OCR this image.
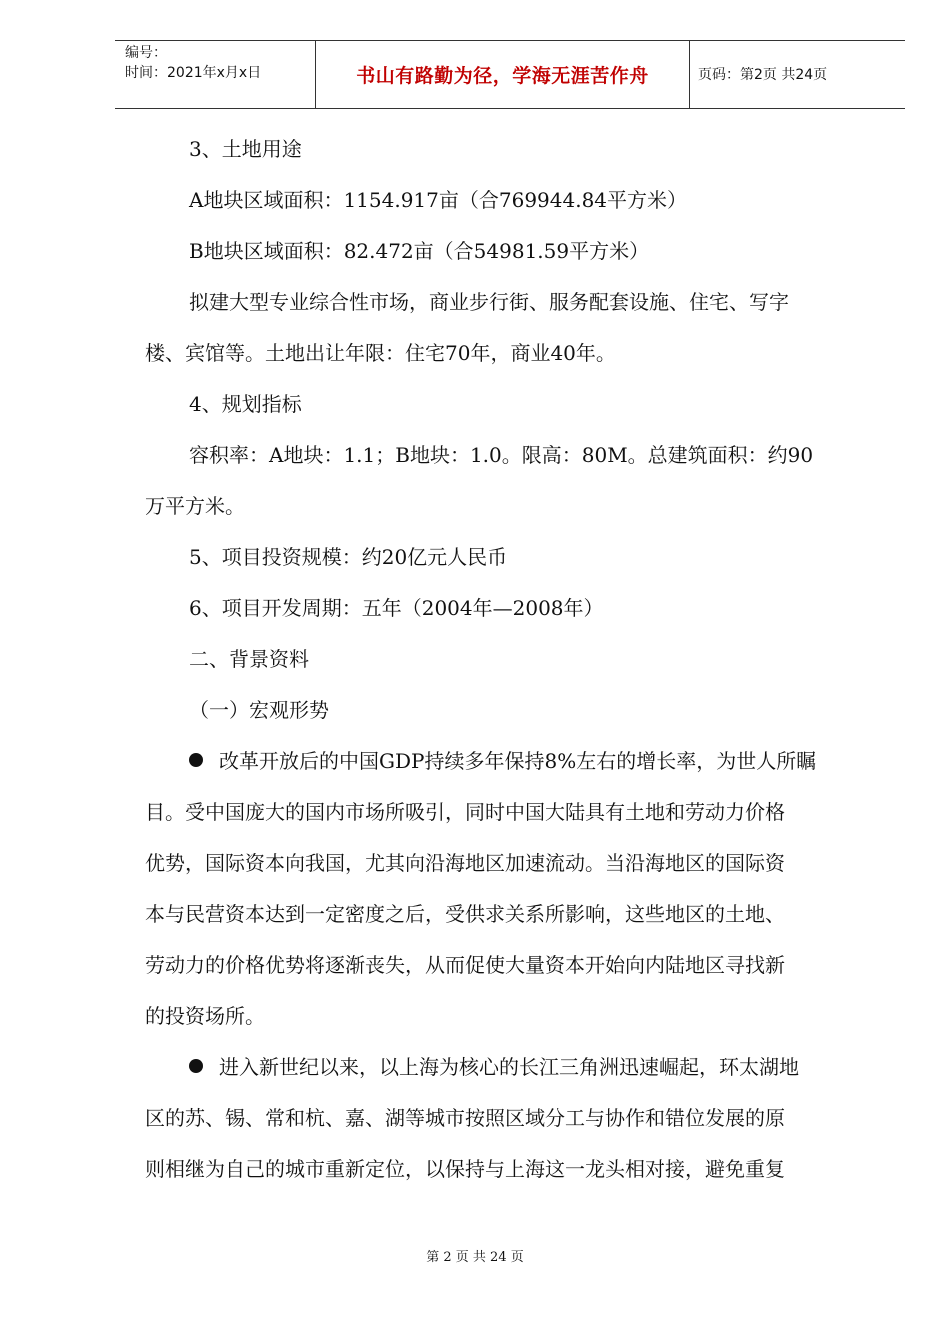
编号：
时间：2021年x月x日	书山有路勤为径，学海无涯苦作舟	页码：第2页 共24页

3、土地用途

A地块区域面积：1154.917亩（合769944.84平方米）

B地块区域面积：82.472亩（合54981.59平方米）

拟建大型专业综合性市场，商业步行街、服务配套设施、住宅、写字

楼、宾馆等。土地出让年限：住宅70年，商业40年。

4、规划指标

容积率：A地块：1.1；B地块：1.0。限高：80M。总建筑面积：约90

万平方米。

5、项目投资规模：约20亿元人民币

6、项目开发周期：五年（2004年—2008年）

二、背景资料

（一）宏观形势

改革开放后的中国GDP持续多年保持8%左右的增长率，为世人所瞩

目。受中国庞大的国内市场所吸引，同时中国大陆具有土地和劳动力价格

优势，国际资本向我国，尤其向沿海地区加速流动。当沿海地区的国际资

本与民营资本达到一定密度之后，受供求关系所影响，这些地区的土地、

劳动力的价格优势将逐渐丧失，从而促使大量资本开始向内陆地区寻找新

的投资场所。

进入新世纪以来，以上海为核心的长江三角洲迅速崛起，环太湖地

区的苏、锡、常和杭、嘉、湖等城市按照区域分工与协作和错位发展的原

则相继为自己的城市重新定位，以保持与上海这一龙头相对接，避免重复

第 2 页 共 24 页
